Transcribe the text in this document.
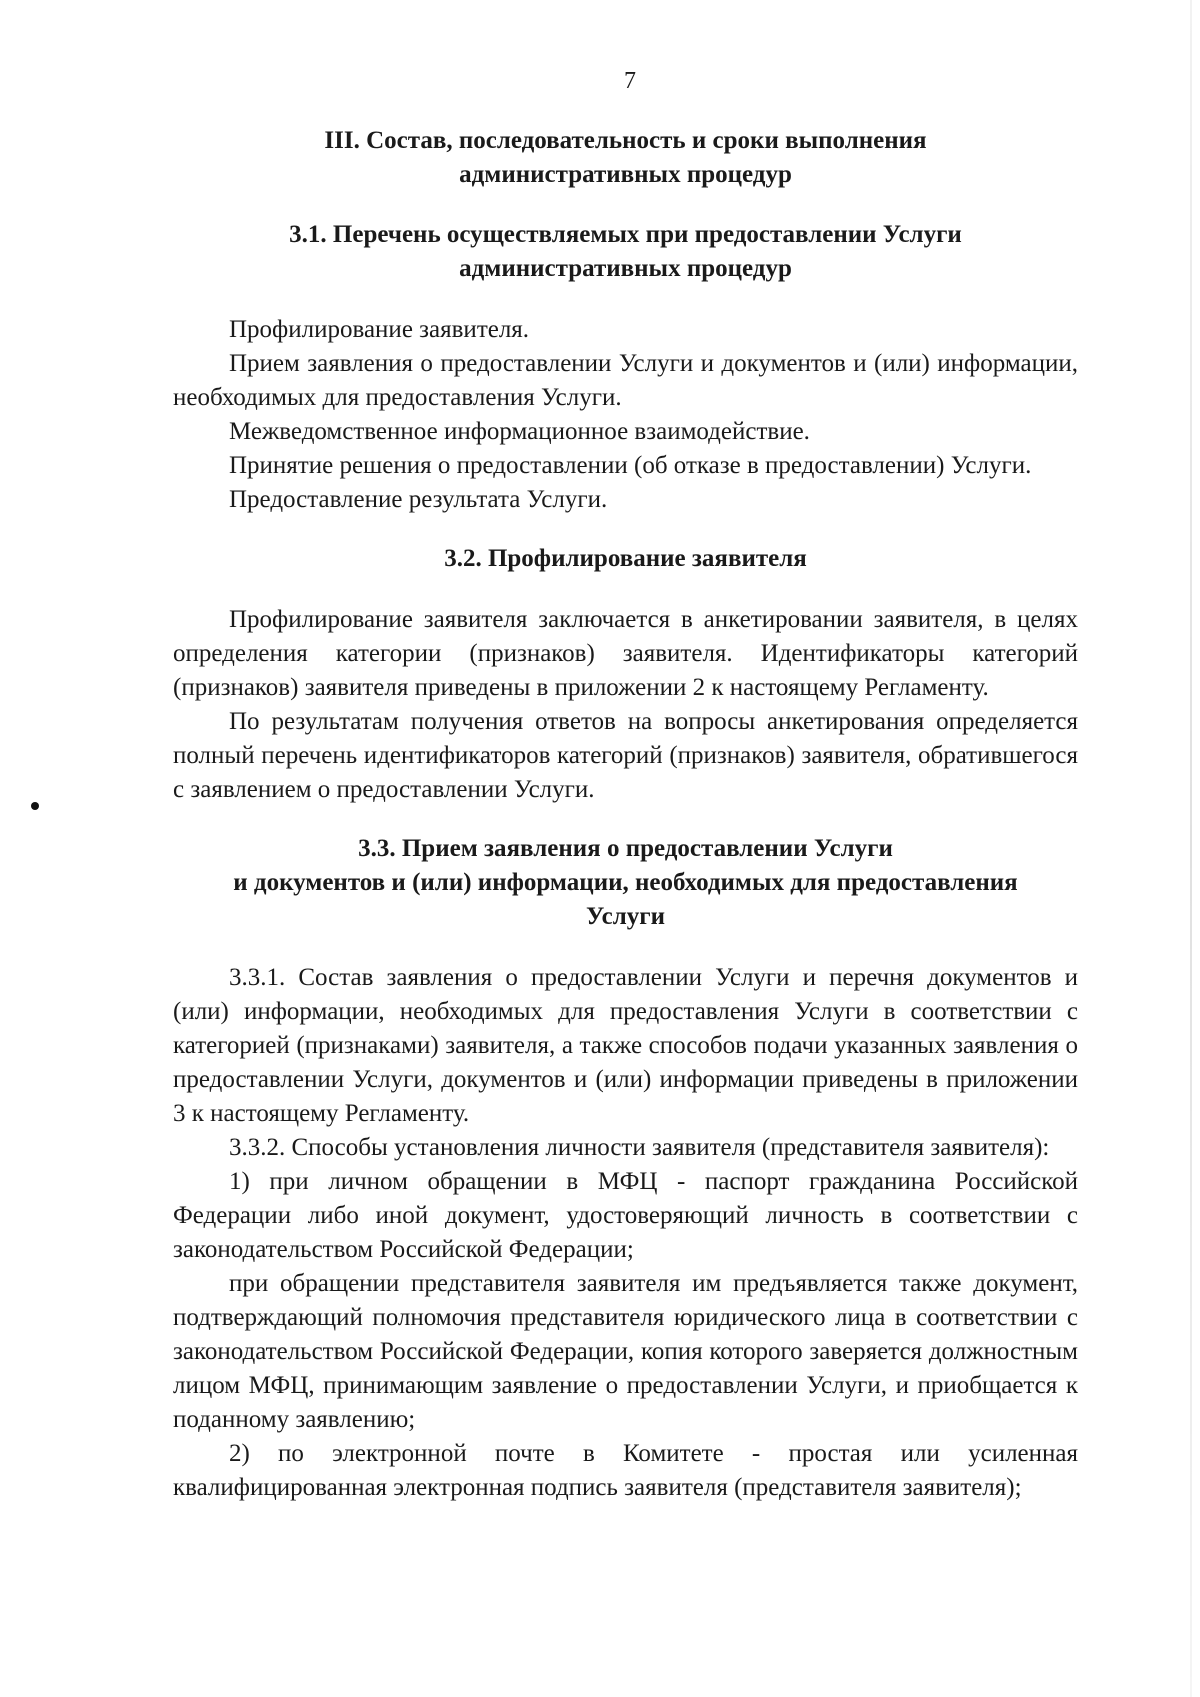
7
III. Состав, последовательность и сроки выполнения
административных процедур
3.1. Перечень осуществляемых при предоставлении Услуги
административных процедур

Профилирование заявителя.

Прием заявления о предоставлении Услуги и документов и (или) информации, необходимых для предоставления Услуги.

Межведомственное информационное взаимодействие.

Принятие решения о предоставлении (об отказе в предоставлении) Услуги.

Предоставление результата Услуги.

3.2. Профилирование заявителя

Профилирование заявителя заключается в анкетировании заявителя, в целях определения категории (признаков) заявителя. Идентификаторы категорий (признаков) заявителя приведены в приложении 2 к настоящему Регламенту.

По результатам получения ответов на вопросы анкетирования определяется полный перечень идентификаторов категорий (признаков) заявителя, обратившегося с заявлением о предоставлении Услуги.

3.3. Прием заявления о предоставлении Услуги
и документов и (или) информации, необходимых для предоставления
Услуги

3.3.1. Состав заявления о предоставлении Услуги и перечня документов и (или) информации, необходимых для предоставления Услуги в соответствии с категорией (признаками) заявителя, а также способов подачи указанных заявления о предоставлении Услуги, документов и (или) информации приведены в приложении 3 к настоящему Регламенту.

3.3.2. Способы установления личности заявителя (представителя заявителя):

1) при личном обращении в МФЦ - паспорт гражданина Российской Федерации либо иной документ, удостоверяющий личность в соответствии с законодательством Российской Федерации;

при обращении представителя заявителя им предъявляется также документ, подтверждающий полномочия представителя юридического лица в соответствии с законодательством Российской Федерации, копия которого заверяется должностным лицом МФЦ, принимающим заявление о предоставлении Услуги, и приобщается к поданному заявлению;

2) по электронной почте в Комитете - простая или усиленная квалифицированная электронная подпись заявителя (представителя заявителя);
